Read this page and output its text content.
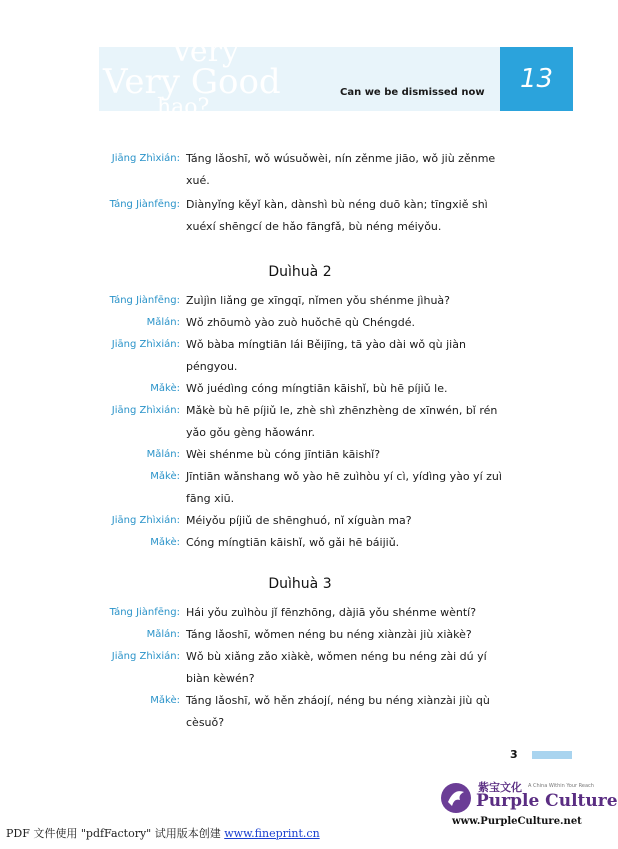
Very
Very Good
hao?
Can we be dismissed now	13
Jiāng Zhìxián: Táng lǎoshī, wǒ wúsuǒwèi, nín zěnme jiāo, wǒ jiù zěnme xué.
Táng Jiànfēng: Diànyǐng kěyǐ kàn, dànshì bù néng duō kàn; tīngxiě shì xuéxí shēngcí de hǎo fāngfǎ, bù néng méiyǒu.
Duìhuà 2
Táng Jiànfēng: Zuìjìn liǎng ge xīngqī, nǐmen yǒu shénme jìhuà?
Mǎlán: Wǒ zhōumò yào zuò huǒchē qù Chéngdé.
Jiāng Zhìxián: Wǒ bàba míngtiān lái Běijīng, tā yào dài wǒ qù jiàn péngyou.
Mǎkè: Wǒ juédìng cóng míngtiān kāishǐ, bù hē píjiǔ le.
Jiāng Zhìxián: Mǎkè bù hē píjiǔ le, zhè shì zhēnzhèng de xīnwén, bǐ rén yǎo gǒu gèng hǎowánr.
Mǎlán: Wèi shénme bù cóng jīntiān kāishǐ?
Mǎkè: Jīntiān wǎnshang wǒ yào hē zuìhòu yí cì, yídìng yào yí zuì fāng xiū.
Jiāng Zhìxián: Méiyǒu píjiǔ de shēnghuó, nǐ xíguàn ma?
Mǎkè: Cóng míngtiān kāishǐ, wǒ gǎi hē báijiǔ.
Duìhuà 3
Táng Jiànfēng: Hái yǒu zuìhòu jǐ fēnzhōng, dàjiā yǒu shénme wèntí?
Mǎlán: Táng lǎoshī, wǒmen néng bu néng xiànzài jiù xiàkè?
Jiāng Zhìxián: Wǒ bù xiǎng zǎo xiàkè, wǒmen néng bu néng zài dú yí biàn kèwén?
Mǎkè: Táng lǎoshī, wǒ hěn zháojí, néng bu néng xiànzài jiù qù cèsuǒ?
3
紫宝文化 A China Within Your Reach
Purple Culture
www.PurpleCulture.net
PDF 文件使用 "pdfFactory" 试用版本创建 www.fineprint.cn
